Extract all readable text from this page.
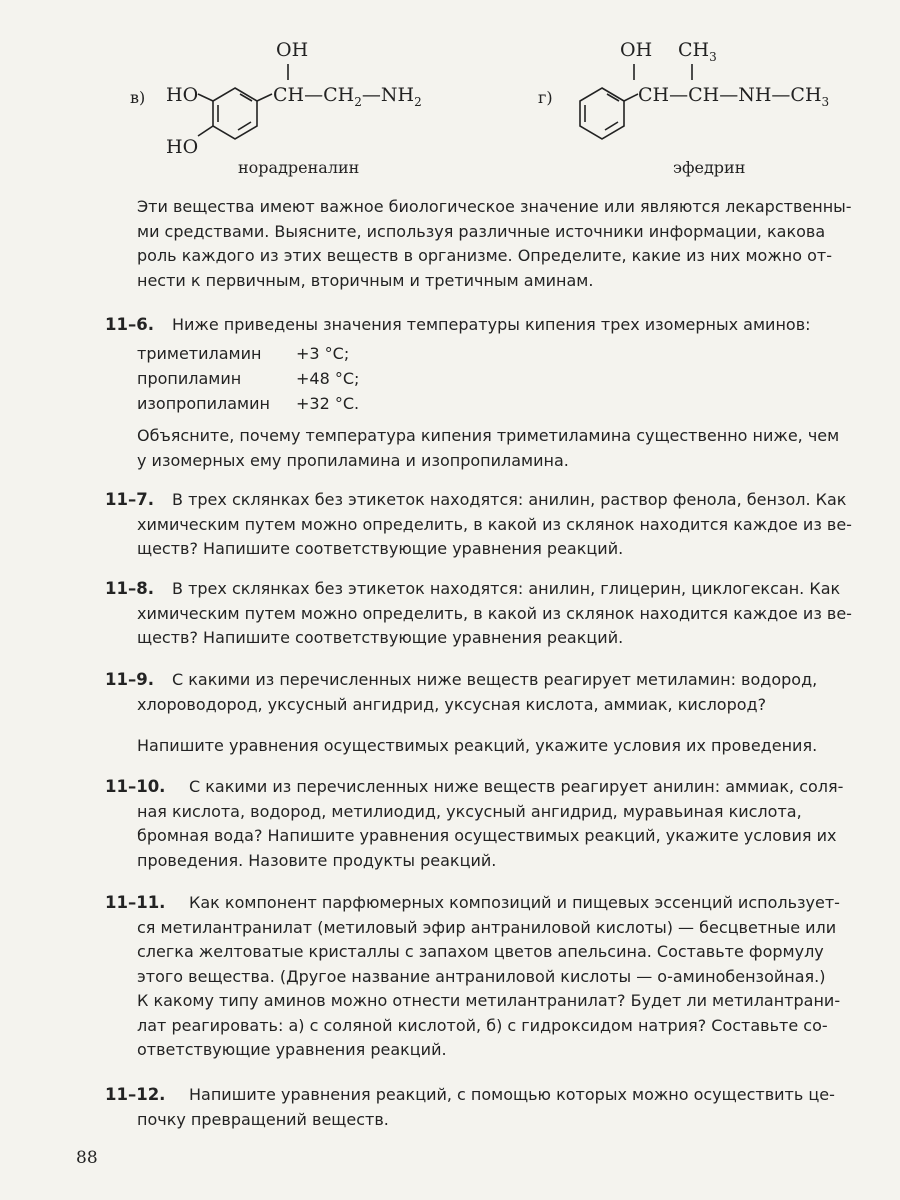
в)
OH
HO
HO
$CH—CH_2—NH_2$
норадреналин
г)
OH $CH_3$
$CH—CH—NH—CH_3$
эфедрин
Эти вещества имеют важное биологическое значение или являются лекарственны-
ми средствами. Выясните, используя различные источники информации, какова
роль каждого из этих веществ в организме. Определите, какие из них можно от-
нести к первичным, вторичным и третичным аминам.
11–6. Ниже приведены значения температуры кипения трех изомерных аминов:
триметиламин +3 °C;
пропиламин	+48 °C;
изопропиламин +32 °C.
Объясните, почему температура кипения триметиламина существенно ниже, чем
у изомерных ему пропиламина и изопропиламина.
11–7. В трех склянках без этикеток находятся: анилин, раствор фенола, бензол. Как
химическим путем можно определить, в какой из склянок находится каждое из ве-
ществ? Напишите соответствующие уравнения реакций.
11–8. В трех склянках без этикеток находятся: анилин, глицерин, циклогексан. Как
химическим путем можно определить, в какой из склянок находится каждое из ве-
ществ? Напишите соответствующие уравнения реакций.
11–9. С какими из перечисленных ниже веществ реагирует метиламин: водород,
хлороводород, уксусный ангидрид, уксусная кислота, аммиак, кислород?
Напишите уравнения осуществимых реакций, укажите условия их проведения.
11–10. С какими из перечисленных ниже веществ реагирует анилин: аммиак, соля-
ная кислота, водород, метилиодид, уксусный ангидрид, муравьиная кислота,
бромная вода? Напишите уравнения осуществимых реакций, укажите условия их
проведения. Назовите продукты реакций.
11–11. Как компонент парфюмерных композиций и пищевых эссенций использует-
ся метилантранилат (метиловый эфир антраниловой кислоты) — бесцветные или
слегка желтоватые кристаллы с запахом цветов апельсина. Составьте формулу
этого вещества. (Другое название антраниловой кислоты — о-аминобензойная.)
К какому типу аминов можно отнести метилантранилат? Будет ли метилантрани-
лат реагировать: а) с соляной кислотой, б) с гидроксидом натрия? Составьте со-
ответствующие уравнения реакций.
11–12. Напишите уравнения реакций, с помощью которых можно осуществить це-
почку превращений веществ.
88
